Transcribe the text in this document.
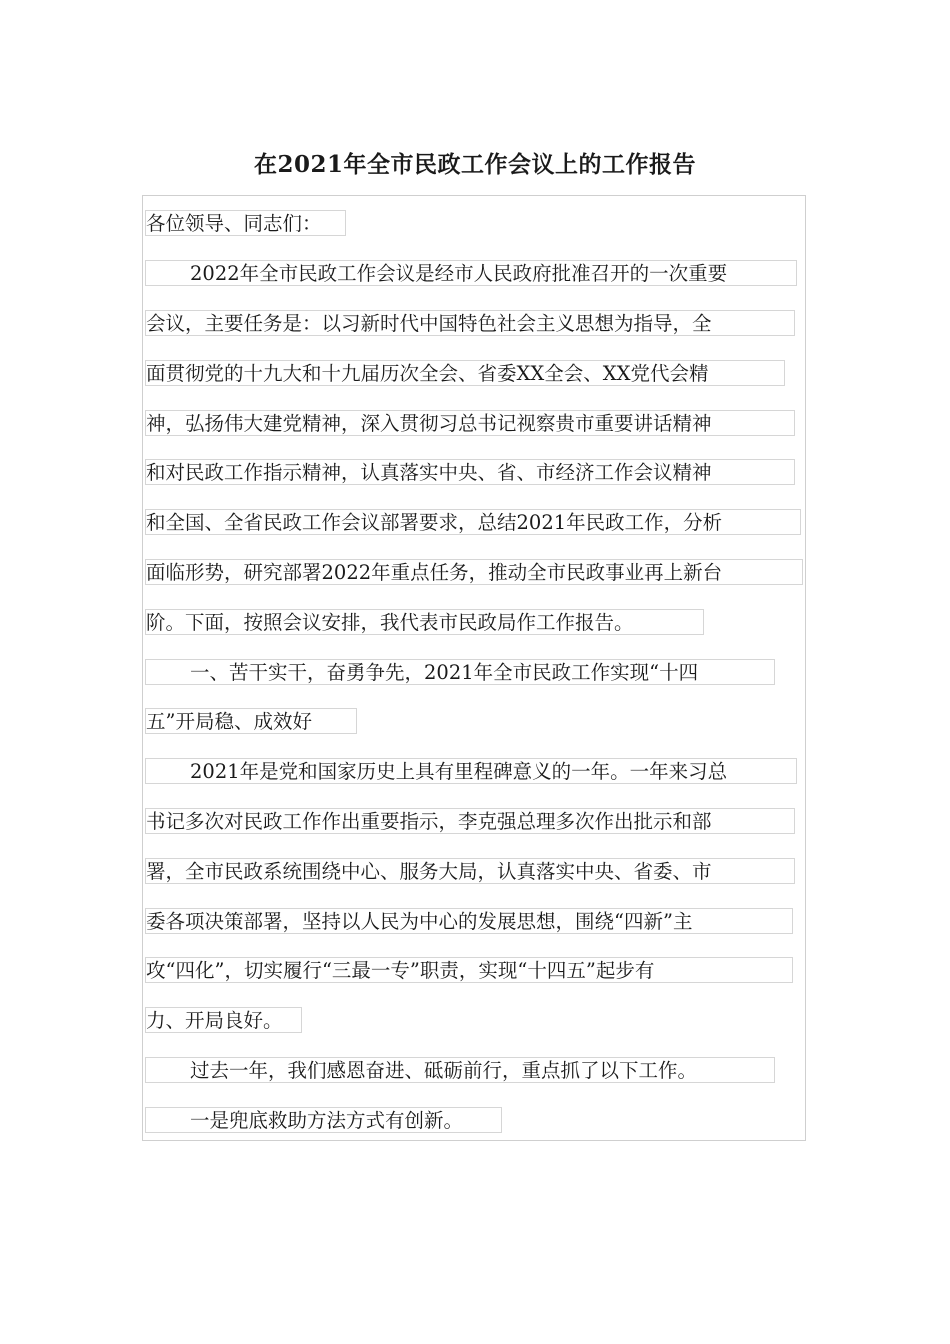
在2021年全市民政工作会议上的工作报告
各位领导、同志们：
2022年全市民政工作会议是经市人民政府批准召开的一次重要
会议，主要任务是：以习新时代中国特色社会主义思想为指导，全
面贯彻党的十九大和十九届历次全会、省委XX全会、XX党代会精
神，弘扬伟大建党精神，深入贯彻习总书记视察贵市重要讲话精神
和对民政工作指示精神，认真落实中央、省、市经济工作会议精神
和全国、全省民政工作会议部署要求，总结2021年民政工作，分析
面临形势，研究部署2022年重点任务，推动全市民政事业再上新台
阶。下面，按照会议安排，我代表市民政局作工作报告。
一、苦干实干，奋勇争先，2021年全市民政工作实现“十四
五”开局稳、成效好
2021年是党和国家历史上具有里程碑意义的一年。一年来习总
书记多次对民政工作作出重要指示，李克强总理多次作出批示和部
署，全市民政系统围绕中心、服务大局，认真落实中央、省委、市
委各项决策部署，坚持以人民为中心的发展思想，围绕“四新”主
攻“四化”，切实履行“三最一专”职责，实现“十四五”起步有
力、开局良好。
过去一年，我们感恩奋进、砥砺前行，重点抓了以下工作。
一是兜底救助方法方式有创新。
